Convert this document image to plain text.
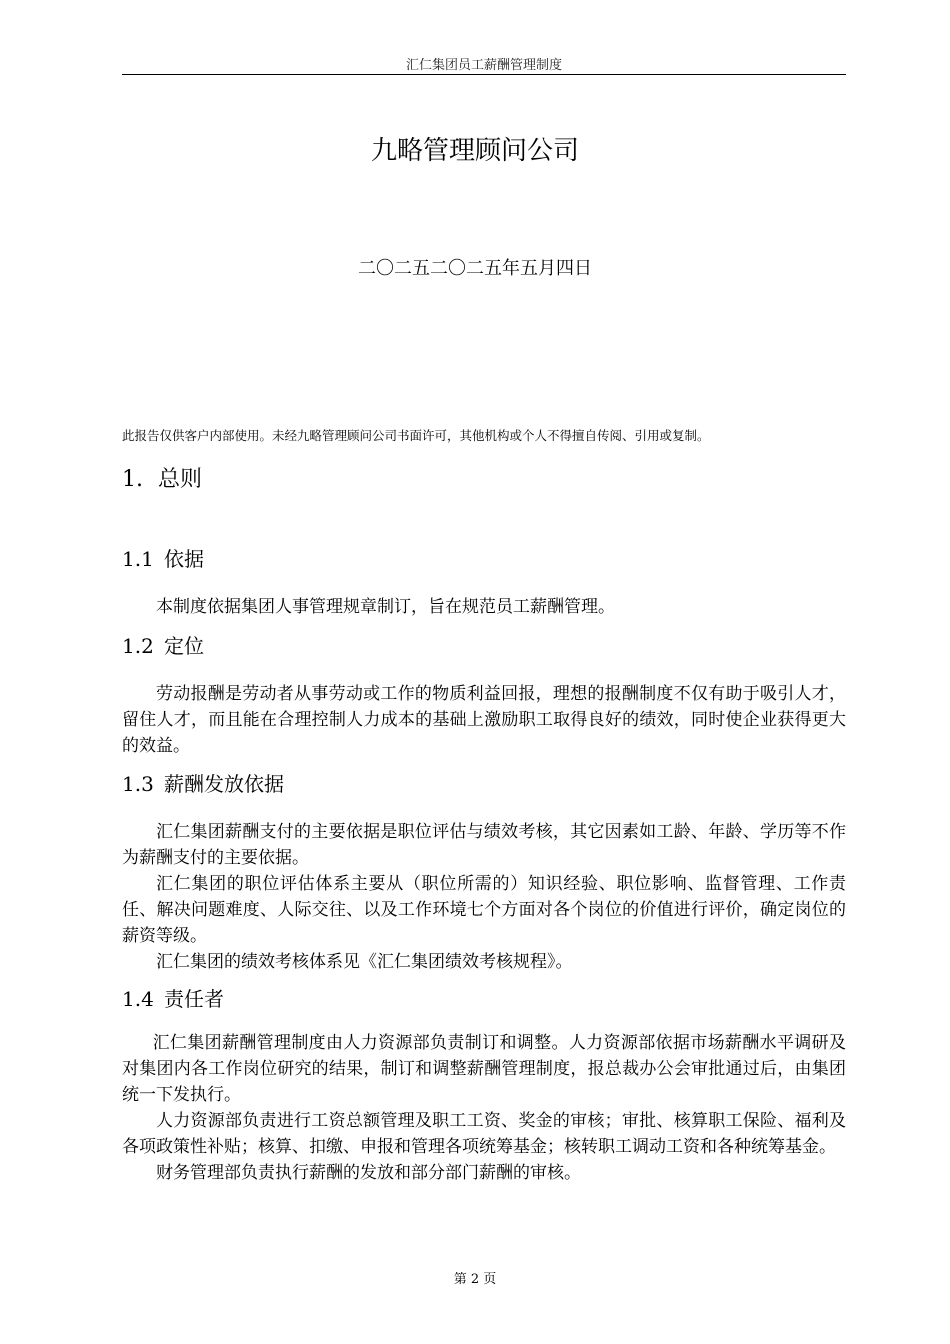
汇仁集团员工薪酬管理制度
九略管理顾问公司
二〇二五二〇二五年五月四日
此报告仅供客户内部使用。未经九略管理顾问公司书面许可，其他机构或个人不得擅自传阅、引用或复制。
1. 总则
1.1 依据

本制度依据集团人事管理规章制订，旨在规范员工薪酬管理。

1.2 定位

劳动报酬是劳动者从事劳动或工作的物质利益回报，理想的报酬制度不仅有助于吸引人才，留住人才，而且能在合理控制人力成本的基础上激励职工取得良好的绩效，同时使企业获得更大的效益。

1.3 薪酬发放依据

汇仁集团薪酬支付的主要依据是职位评估与绩效考核，其它因素如工龄、年龄、学历等不作为薪酬支付的主要依据。

汇仁集团的职位评估体系主要从（职位所需的）知识经验、职位影响、监督管理、工作责任、解决问题难度、人际交往、以及工作环境七个方面对各个岗位的价值进行评价，确定岗位的薪资等级。

汇仁集团的绩效考核体系见《汇仁集团绩效考核规程》。

1.4 责任者

汇仁集团薪酬管理制度由人力资源部负责制订和调整。人力资源部依据市场薪酬水平调研及对集团内各工作岗位研究的结果，制订和调整薪酬管理制度，报总裁办公会审批通过后，由集团统一下发执行。

人力资源部负责进行工资总额管理及职工工资、奖金的审核；审批、核算职工保险、福利及各项政策性补贴；核算、扣缴、申报和管理各项统筹基金；核转职工调动工资和各种统筹基金。

财务管理部负责执行薪酬的发放和部分部门薪酬的审核。

第 2 页
